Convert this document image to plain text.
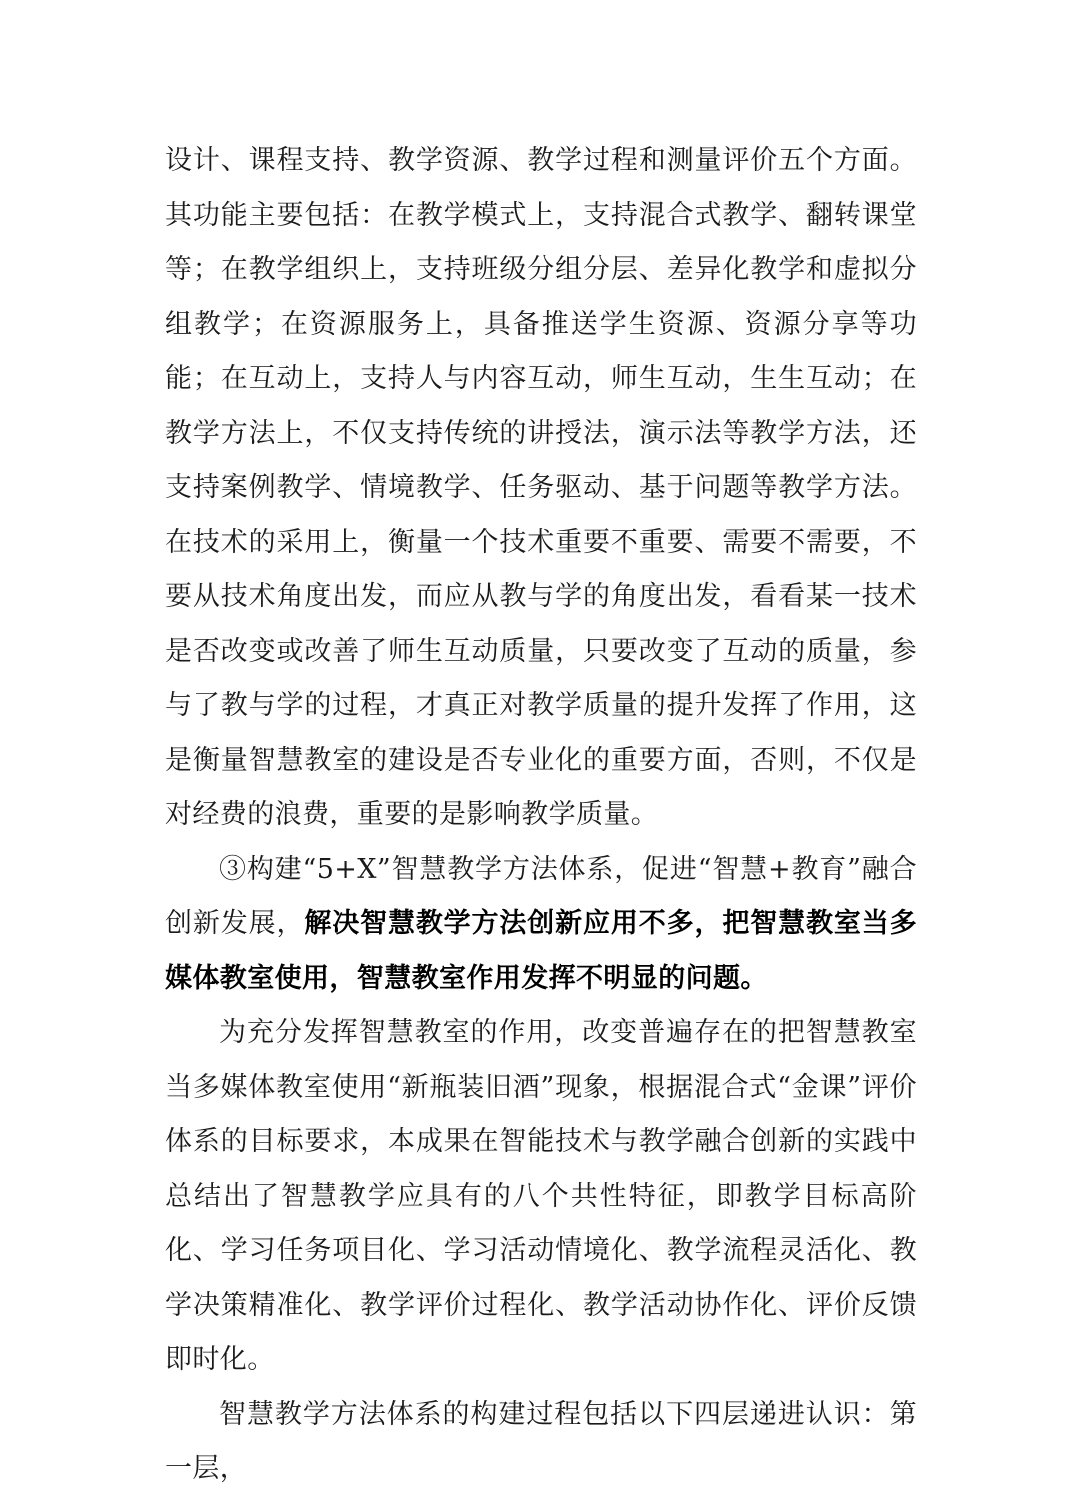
设计、课程支持、教学资源、教学过程和测量评价五个方面。其功能主要包括：在教学模式上，支持混合式教学、翻转课堂等；在教学组织上，支持班级分组分层、差异化教学和虚拟分组教学；在资源服务上，具备推送学生资源、资源分享等功能；在互动上，支持人与内容互动，师生互动，生生互动；在教学方法上，不仅支持传统的讲授法，演示法等教学方法，还支持案例教学、情境教学、任务驱动、基于问题等教学方法。在技术的采用上，衡量一个技术重要不重要、需要不需要，不要从技术角度出发，而应从教与学的角度出发，看看某一技术是否改变或改善了师生互动质量，只要改变了互动的质量，参与了教与学的过程，才真正对教学质量的提升发挥了作用，这是衡量智慧教室的建设是否专业化的重要方面，否则，不仅是对经费的浪费，重要的是影响教学质量。

③构建“5+X”智慧教学方法体系，促进“智慧+教育”融合创新发展，解决智慧教学方法创新应用不多，把智慧教室当多媒体教室使用，智慧教室作用发挥不明显的问题。

为充分发挥智慧教室的作用，改变普遍存在的把智慧教室当多媒体教室使用“新瓶装旧酒”现象，根据混合式“金课”评价体系的目标要求，本成果在智能技术与教学融合创新的实践中总结出了智慧教学应具有的八个共性特征，即教学目标高阶化、学习任务项目化、学习活动情境化、教学流程灵活化、教学决策精准化、教学评价过程化、教学活动协作化、评价反馈即时化。

智慧教学方法体系的构建过程包括以下四层递进认识：第一层，
